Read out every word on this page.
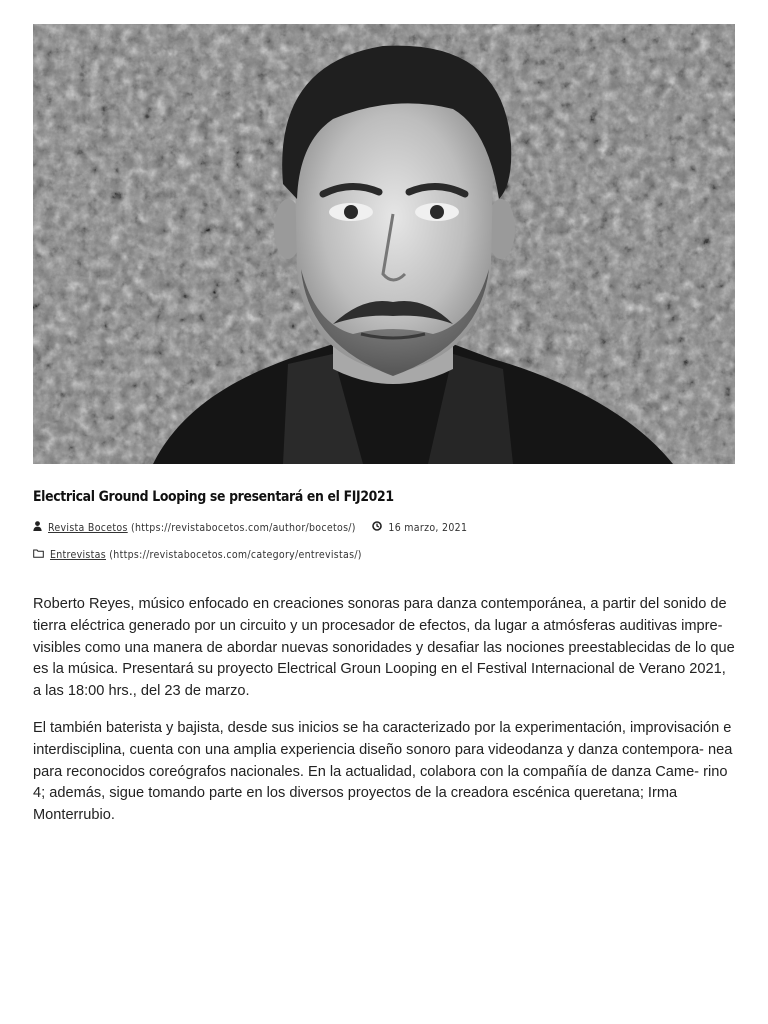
Electrical Ground Looping se presentará en el FIJ2021
Revista Bocetos (https://revistabocetos.com/author/bocetos/)	16 marzo, 2021
Entrevistas (https://revistabocetos.com/category/entrevistas/)

Roberto Reyes, músico enfocado en creaciones sonoras para danza contemporánea, a partir del sonido de tierra eléctrica generado por un circuito y un procesador de efectos, da lugar a atmósferas auditivas impre- visibles como una manera de abordar nuevas sonoridades y desafiar las nociones preestablecidas de lo que es la música. Presentará su proyecto Electrical Groun Looping en el Festival Internacional de Verano 2021, a las 18:00 hrs., del 23 de marzo.

El también baterista y bajista, desde sus inicios se ha caracterizado por la experimentación, improvisación e interdisciplina, cuenta con una amplia experiencia diseño sonoro para videodanza y danza contempora- nea para reconocidos coreógrafos nacionales. En la actualidad, colabora con la compañía de danza Came- rino 4; además, sigue tomando parte en los diversos proyectos de la creadora escénica queretana; Irma Monterrubio.
